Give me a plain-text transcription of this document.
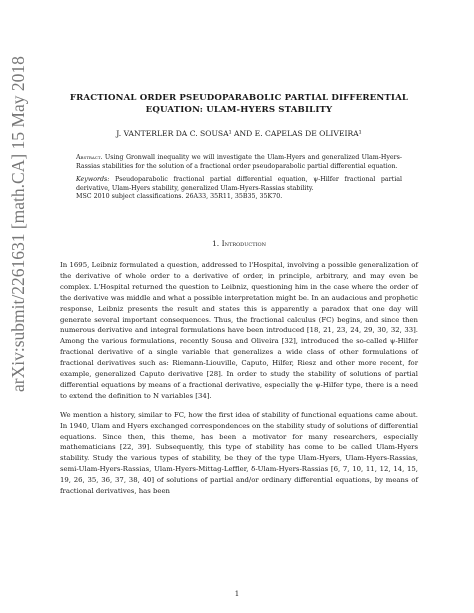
arXiv:submit/2261631 [math.CA] 15 May 2018	FRACTIONAL ORDER PSEUDOPARABOLIC PARTIAL DIFFERENTIAL
EQUATION: ULAM-HYERS STABILITY

J. VANTERLER DA C. SOUSA¹ AND E. CAPELAS DE OLIVEIRA¹

Abstract. Using Gronwall inequality we will investigate the Ulam-Hyers and generalized Ulam-Hyers-Rassias stabilities for the solution of a fractional order pseudoparabolic partial differential equation.

Keywords: Pseudoparabolic fractional partial differential equation, ψ-Hilfer fractional partial derivative, Ulam-Hyers stability, generalized Ulam-Hyers-Rassias stability.
MSC 2010 subject classifications. 26A33, 35R11, 35B35, 35K70.

1. Introduction

In 1695, Leibniz formulated a question, addressed to l'Hospital, involving a possible generalization of the derivative of whole order to a derivative of order, in principle, arbitrary, and may even be complex. L'Hospital returned the question to Leibniz, questioning him in the case where the order of the derivative was middle and what a possible interpretation might be. In an audacious and prophetic response, Leibniz presents the result and states this is apparently a paradox that one day will generate several important consequences. Thus, the fractional calculus (FC) begins, and since then numerous derivative and integral formulations have been introduced [18, 21, 23, 24, 29, 30, 32, 33]. Among the various formulations, recently Sousa and Oliveira [32], introduced the so-called ψ-Hilfer fractional derivative of a single variable that generalizes a wide class of other formulations of fractional derivatives such as: Riemann-Liouville, Caputo, Hilfer, Riesz and other more recent, for example, generalized Caputo derivative [28]. In order to study the stability of solutions of partial differential equations by means of a fractional derivative, especially the ψ-Hilfer type, there is a need to extend the definition to N variables [34].

We mention a history, similar to FC, how the first idea of stability of functional equations came about. In 1940, Ulam and Hyers exchanged correspondences on the stability study of solutions of differential equations. Since then, this theme, has been a motivator for many researchers, especially mathematicians [22, 39]. Subsequently, this type of stability has come to be called Ulam-Hyers stability. Study the various types of stability, be they of the type Ulam-Hyers, Ulam-Hyers-Rassias, semi-Ulam-Hyers-Rassias, Ulam-Hyers-Mittag-Leffler, δ-Ulam-Hyers-Rassias [6, 7, 10, 11, 12, 14, 15, 19, 26, 35, 36, 37, 38, 40] of solutions of partial and/or ordinary differential equations, by means of fractional derivatives, has been

1
